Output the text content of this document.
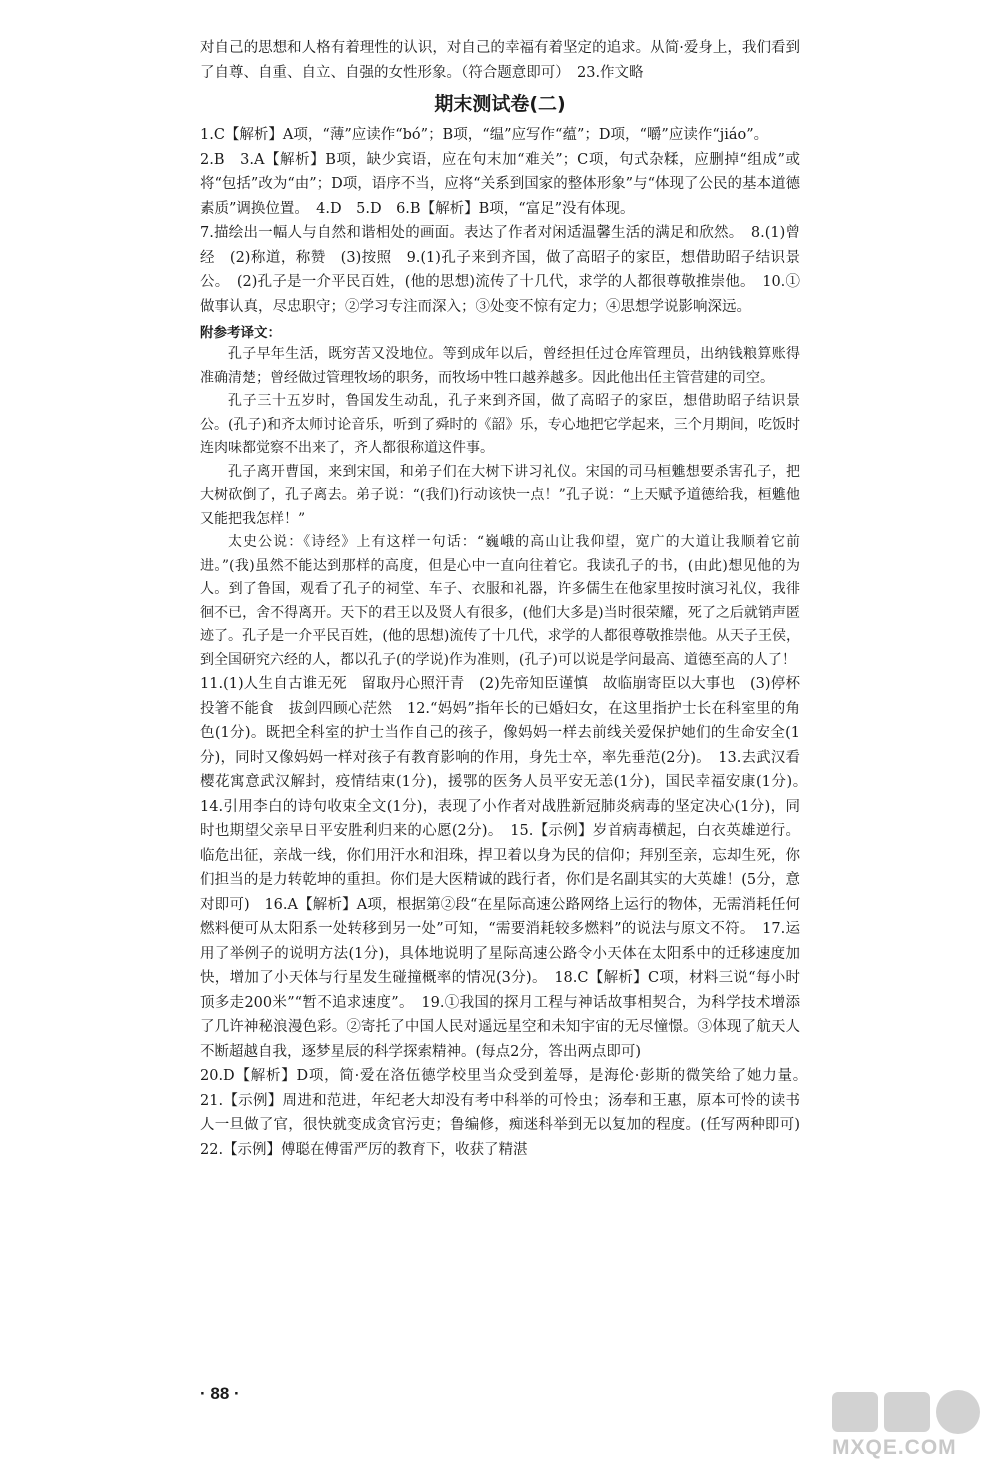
对自己的思想和人格有着理性的认识，对自己的幸福有着坚定的追求。从简·爱身上，我们看到了自尊、自重、自立、自强的女性形象。（符合题意即可）　23.作文略

期末测试卷(二)

1.C【解析】A项，“薄”应读作“bó”；B项，“缊”应写作“蕴”；D项，“嚼”应读作“jiáo”。

2.B　3.A【解析】B项，缺少宾语，应在句末加“难关”；C项，句式杂糅，应删掉“组成”或将“包括”改为“由”；D项，语序不当，应将“关系到国家的整体形象”与“体现了公民的基本道德素质”调换位置。　4.D　5.D　6.B【解析】B项，“富足”没有体现。

7.描绘出一幅人与自然和谐相处的画面。表达了作者对闲适温馨生活的满足和欣然。　8.(1)曾经　(2)称道，称赞　(3)按照　9.(1)孔子来到齐国，做了高昭子的家臣，想借助昭子结识景公。　(2)孔子是一介平民百姓，(他的思想)流传了十几代，求学的人都很尊敬推崇他。　10.①做事认真，尽忠职守；②学习专注而深入；③处变不惊有定力；④思想学说影响深远。

附参考译文：

孔子早年生活，既穷苦又没地位。等到成年以后，曾经担任过仓库管理员，出纳钱粮算账得准确清楚；曾经做过管理牧场的职务，而牧场中牲口越养越多。因此他出任主管营建的司空。

孔子三十五岁时，鲁国发生动乱，孔子来到齐国，做了高昭子的家臣，想借助昭子结识景公。(孔子)和齐太师讨论音乐，听到了舜时的《韶》乐，专心地把它学起来，三个月期间，吃饭时连肉味都觉察不出来了，齐人都很称道这件事。

孔子离开曹国，来到宋国，和弟子们在大树下讲习礼仪。宋国的司马桓魋想要杀害孔子，把大树砍倒了，孔子离去。弟子说：“(我们)行动该快一点！”孔子说：“上天赋予道德给我，桓魋他又能把我怎样！”

太史公说：《诗经》上有这样一句话：“巍峨的高山让我仰望，宽广的大道让我顺着它前进。”(我)虽然不能达到那样的高度，但是心中一直向往着它。我读孔子的书，(由此)想见他的为人。到了鲁国，观看了孔子的祠堂、车子、衣服和礼器，许多儒生在他家里按时演习礼仪，我徘徊不已，舍不得离开。天下的君王以及贤人有很多，(他们大多是)当时很荣耀，死了之后就销声匿迹了。孔子是一介平民百姓，(他的思想)流传了十几代，求学的人都很尊敬推崇他。从天子王侯，到全国研究六经的人，都以孔子(的学说)作为准则，(孔子)可以说是学问最高、道德至高的人了！

11.(1)人生自古谁无死　留取丹心照汗青　(2)先帝知臣谨慎　故临崩寄臣以大事也　(3)停杯投箸不能食　拔剑四顾心茫然　12.“妈妈”指年长的已婚妇女，在这里指护士长在科室里的角色(1分)。既把全科室的护士当作自己的孩子，像妈妈一样去前线关爱保护她们的生命安全(1分)，同时又像妈妈一样对孩子有教育影响的作用，身先士卒，率先垂范(2分)。　13.去武汉看樱花寓意武汉解封，疫情结束(1分)，援鄂的医务人员平安无恙(1分)，国民幸福安康(1分)。　14.引用李白的诗句收束全文(1分)，表现了小作者对战胜新冠肺炎病毒的坚定决心(1分)，同时也期望父亲早日平安胜利归来的心愿(2分)。　15.【示例】岁首病毒横起，白衣英雄逆行。临危出征，亲战一线，你们用汗水和泪珠，捍卫着以身为民的信仰；拜别至亲，忘却生死，你们担当的是力转乾坤的重担。你们是大医精诚的践行者，你们是名副其实的大英雄！(5分，意对即可)　16.A【解析】A项，根据第②段“在星际高速公路网络上运行的物体，无需消耗任何燃料便可从太阳系一处转移到另一处”可知，“需要消耗较多燃料”的说法与原文不符。　17.运用了举例子的说明方法(1分)，具体地说明了星际高速公路令小天体在太阳系中的迁移速度加快，增加了小天体与行星发生碰撞概率的情况(3分)。　18.C【解析】C项，材料三说“每小时顶多走200米”“暂不追求速度”。　19.①我国的探月工程与神话故事相契合，为科学技术增添了几许神秘浪漫色彩。②寄托了中国人民对遥远星空和未知宇宙的无尽憧憬。③体现了航天人不断超越自我，逐梦星辰的科学探索精神。(每点2分，答出两点即可)

20.D【解析】D项，简·爱在洛伍德学校里当众受到羞辱，是海伦·彭斯的微笑给了她力量。　21.【示例】周进和范进，年纪老大却没有考中科举的可怜虫；汤奉和王惠，原本可怜的读书人一旦做了官，很快就变成贪官污吏；鲁编修，痴迷科举到无以复加的程度。(任写两种即可)　22.【示例】傅聪在傅雷严厉的教育下，收获了精湛

· 88 ·
MXQE.COM
